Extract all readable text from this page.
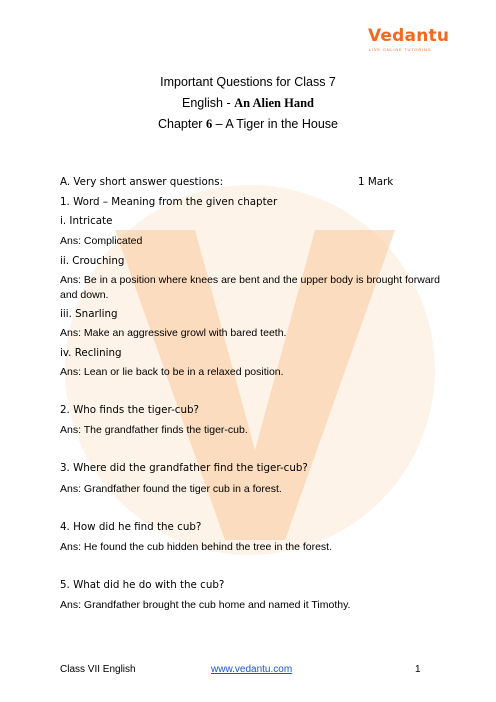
Vedantu
LIVE ONLINE TUTORING
Important Questions for Class 7
English - An Alien Hand
Chapter 6 – A Tiger in the House
A. Very short answer questions:	1 Mark
1. Word – Meaning from the given chapter
i. Intricate
Ans: Complicated
ii. Crouching
Ans: Be in a position where knees are bent and the upper body is brought forward and down.
iii. Snarling
Ans: Make an aggressive growl with bared teeth.
iv. Reclining
Ans: Lean or lie back to be in a relaxed position.
2. Who finds the tiger-cub?
Ans: The grandfather finds the tiger-cub.
3. Where did the grandfather find the tiger-cub?
Ans: Grandfather found the tiger cub in a forest.
4. How did he find the cub?
Ans: He found the cub hidden behind the tree in the forest.
5. What did he do with the cub?
Ans: Grandfather brought the cub home and named it Timothy.
Class VII English	www.vedantu.com	1
